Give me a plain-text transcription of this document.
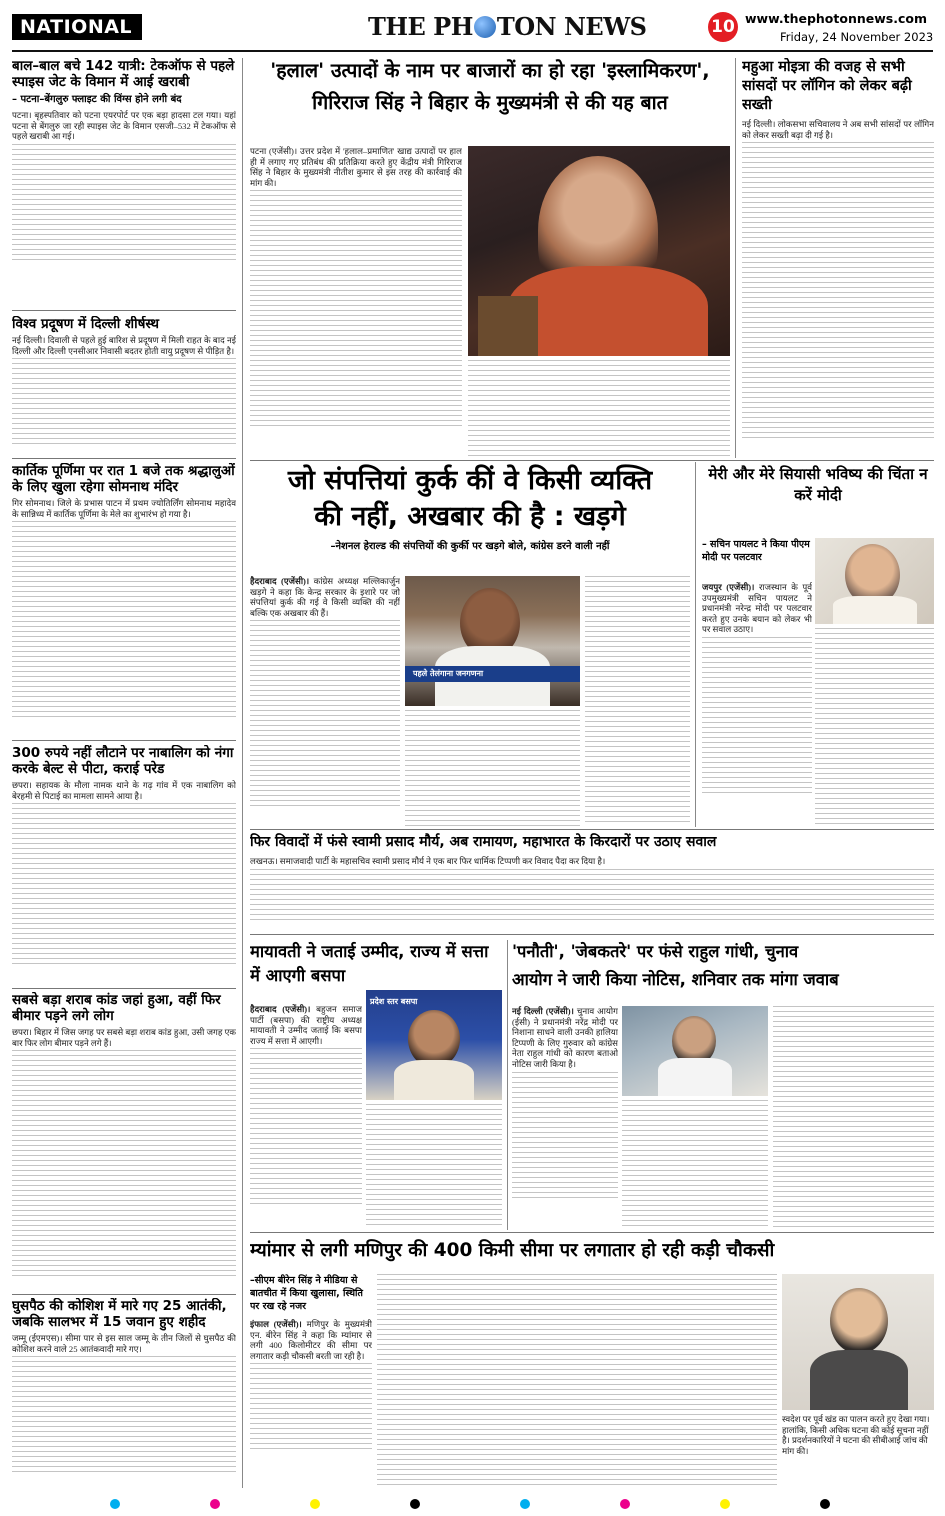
NATIONAL	THE PH TON NEWS	10 www.thephotonnews.com
Friday, 24 November 2023
बाल–बाल बचे 142 यात्री: टेकऑफ से पहले स्पाइस जेट के विमान में आई खराबी
– पटना–बेंगलुरु फ्लाइट की विंग्स होने लगी बंद
पटना। बृहस्पतिवार को पटना एयरपोर्ट पर एक बड़ा हादसा टल गया। यहां पटना से बेंगलुरु जा रही स्पाइस जेट के विमान एसजी–532 में टेकऑफ से पहले खराबी आ गई।
विश्व प्रदूषण में दिल्ली शीर्षस्थ
नई दिल्ली। दिवाली से पहले हुई बारिश से प्रदूषण में मिली राहत के बाद नई दिल्ली और दिल्ली एनसीआर निवासी बदतर होती वायु प्रदूषण से पीड़ित है।
कार्तिक पूर्णिमा पर रात 1 बजे तक श्रद्धालुओं के लिए खुला रहेगा सोमनाथ मंदिर
गिर सोमनाथ। जिले के प्रभास पाटन में प्रथम ज्योतिर्लिंग सोमनाथ महादेव के सान्निध्य में कार्तिक पूर्णिमा के मेले का शुभारंभ हो गया है।
300 रुपये नहीं लौटाने पर नाबालिग को नंगा करके बेल्ट से पीटा, कराई परेड
छपरा। सहायक के मौला नामक थाने के गढ़ गांव में एक नाबालिग को बेरहमी से पिटाई का मामला सामने आया है।
सबसे बड़ा शराब कांड जहां हुआ, वहीं फिर बीमार पड़ने लगे लोग
छपरा। बिहार में जिस जगह पर सबसे बड़ा शराब कांड हुआ, उसी जगह एक बार फिर लोग बीमार पड़ने लगे हैं।
घुसपैठ की कोशिश में मारे गए 25 आतंकी, जबकि सालभर में 15 जवान हुए शहीद
जम्मू (ईएमएस)। सीमा पार से इस साल जम्मू के तीन जिलों से घुसपैठ की कोशिश करने वाले 25 आतंकवादी मारे गए।
'हलाल' उत्पादों के नाम पर बाजारों का हो रहा 'इस्लामिकरण',
गिरिराज सिंह ने बिहार के मुख्यमंत्री से की यह बात
पटना (एजेंसी)। उत्तर प्रदेश में 'हलाल–प्रमाणित' खाद्य उत्पादों पर हाल ही में लगाए गए प्रतिबंध की प्रतिक्रिया करते हुए केंद्रीय मंत्री गिरिराज सिंह ने बिहार के मुख्यमंत्री नीतीश कुमार से इस तरह की कार्रवाई की मांग की।
महुआ मोइत्रा की वजह से सभी सांसदों पर लॉगिन को लेकर बढ़ी सख्ती
नई दिल्ली। लोकसभा सचिवालय ने अब सभी सांसदों पर लॉगिन को लेकर सख्ती बढ़ा दी गई है।
जो संपत्तियां कुर्क कीं वे किसी व्यक्ति
की नहीं, अखबार की है : खड़गे
–नेशनल हेराल्ड की संपत्तियों की कुर्की पर खड़गे बोले, कांग्रेस डरने वाली नहीं
हैदराबाद (एजेंसी)। कांग्रेस अध्यक्ष मल्लिकार्जुन खड़गे ने कहा कि केन्द्र सरकार के इशारे पर जो संपत्तियां कुर्क की गई वे किसी व्यक्ति की नहीं बल्कि एक अखबार की हैं।
पहले तेलंगाना जनगणना
मेरी और मेरे सियासी भविष्य की चिंता न करें मोदी
– सचिन पायलट ने किया पीएम मोदी पर पलटवार
जयपुर (एजेंसी)। राजस्थान के पूर्व उपमुख्यमंत्री सचिन पायलट ने प्रधानमंत्री नरेन्द्र मोदी पर पलटवार करते हुए उनके बयान को लेकर भी पर सवाल उठाए।
फिर विवादों में फंसे स्वामी प्रसाद मौर्य, अब रामायण, महाभारत के किरदारों पर उठाए सवाल
लखनऊ। समाजवादी पार्टी के महासचिव स्वामी प्रसाद मौर्य ने एक बार फिर धार्मिक टिप्पणी कर विवाद पैदा कर दिया है।
मायावती ने जताई उम्मीद, राज्य में सत्ता में आएगी बसपा
हैदराबाद (एजेंसी)। बहुजन समाज पार्टी (बसपा) की राष्ट्रीय अध्यक्ष मायावती ने उम्मीद जताई कि बसपा राज्य में सत्ता में आएगी।
प्रदेश स्तर बसपा
'पनौती', 'जेबकतरे' पर फंसे राहुल गांधी, चुनाव
आयोग ने जारी किया नोटिस, शनिवार तक मांगा जवाब
नई दिल्ली (एजेंसी)। चुनाव आयोग (ईसी) ने प्रधानमंत्री नरेंद्र मोदी पर निशाना साधने वाली उनकी हालिया टिप्पणी के लिए गुरुवार को कांग्रेस नेता राहुल गांधी को कारण बताओ नोटिस जारी किया है।
म्यांमार से लगी मणिपुर की 400 किमी सीमा पर लगातार हो रही कड़ी चौकसी
–सीएम बीरेन सिंह ने मीडिया से बातचीत में किया खुलासा, स्थिति पर रख रहे नजर
इंफाल (एजेंसी)। मणिपुर के मुख्यमंत्री एन. बीरेन सिंह ने कहा कि म्यांमार से लगी 400 किलोमीटर की सीमा पर लगातार कड़ी चौकसी बरती जा रही है।
स्वदेश पर पूर्व खंड का पालन करते हुए देखा गया। हालांकि, किसी अधिक घटना की कोई सूचना नहीं है। प्रदर्शनकारियों ने घटना की सीबीआई जांच की मांग की।
